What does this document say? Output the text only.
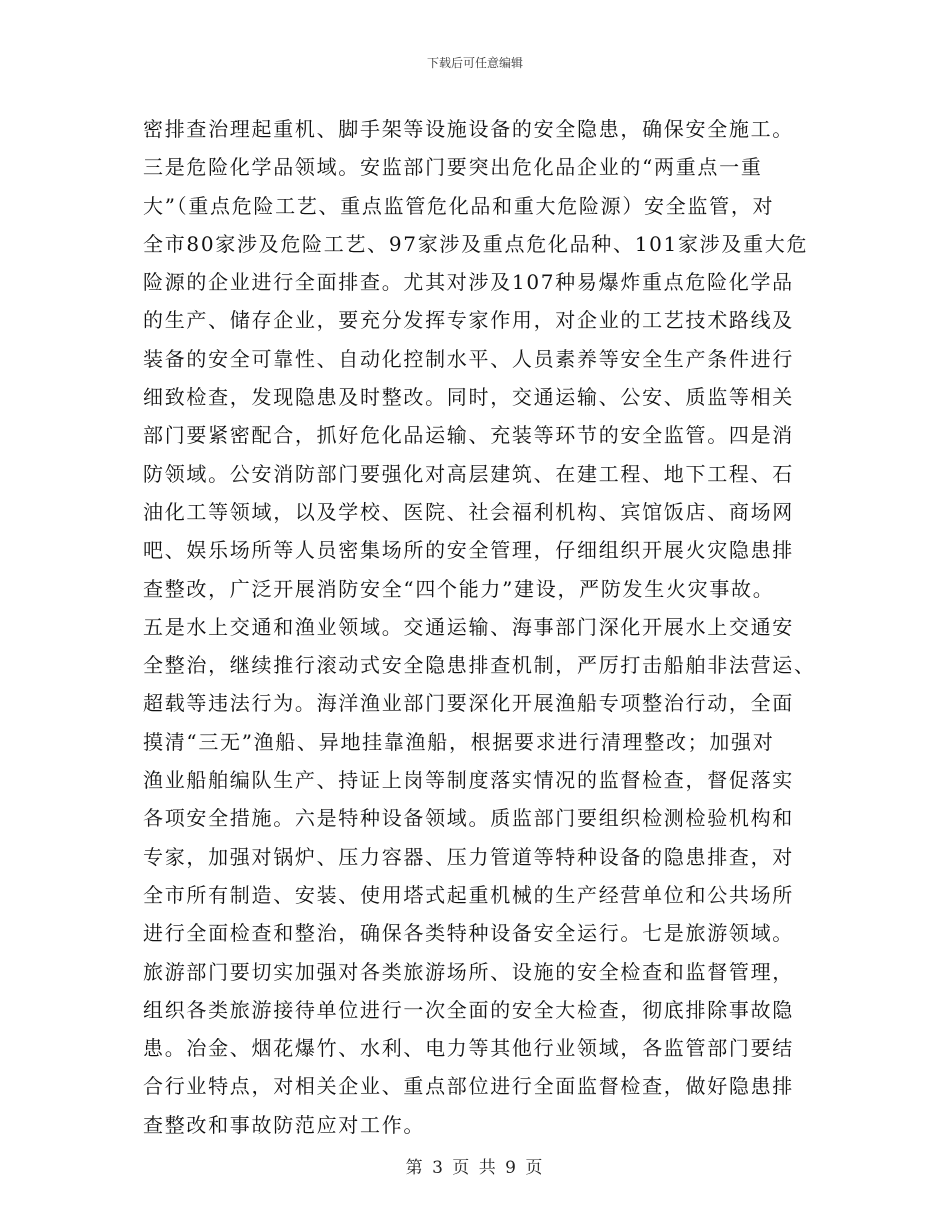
下载后可任意编辑
密排查治理起重机、脚手架等设施设备的安全隐患，确保安全施工。
三是危险化学品领域。安监部门要突出危化品企业的“两重点一重
大”（重点危险工艺、重点监管危化品和重大危险源）安全监管，对
全市80家涉及危险工艺、97家涉及重点危化品种、101家涉及重大危
险源的企业进行全面排查。尤其对涉及107种易爆炸重点危险化学品
的生产、储存企业，要充分发挥专家作用，对企业的工艺技术路线及
装备的安全可靠性、自动化控制水平、人员素养等安全生产条件进行
细致检查，发现隐患及时整改。同时，交通运输、公安、质监等相关
部门要紧密配合，抓好危化品运输、充装等环节的安全监管。四是消
防领域。公安消防部门要强化对高层建筑、在建工程、地下工程、石
油化工等领域，以及学校、医院、社会福利机构、宾馆饭店、商场网
吧、娱乐场所等人员密集场所的安全管理，仔细组织开展火灾隐患排
查整改，广泛开展消防安全“四个能力”建设，严防发生火灾事故。
五是水上交通和渔业领域。交通运输、海事部门深化开展水上交通安
全整治，继续推行滚动式安全隐患排查机制，严厉打击船舶非法营运、
超载等违法行为。海洋渔业部门要深化开展渔船专项整治行动，全面
摸清“三无”渔船、异地挂靠渔船，根据要求进行清理整改；加强对
渔业船舶编队生产、持证上岗等制度落实情况的监督检查，督促落实
各项安全措施。六是特种设备领域。质监部门要组织检测检验机构和
专家，加强对锅炉、压力容器、压力管道等特种设备的隐患排查，对
全市所有制造、安装、使用塔式起重机械的生产经营单位和公共场所
进行全面检查和整治，确保各类特种设备安全运行。七是旅游领域。
旅游部门要切实加强对各类旅游场所、设施的安全检查和监督管理，
组织各类旅游接待单位进行一次全面的安全大检查，彻底排除事故隐
患。冶金、烟花爆竹、水利、电力等其他行业领域，各监管部门要结
合行业特点，对相关企业、重点部位进行全面监督检查，做好隐患排
查整改和事故防范应对工作。
第 3 页 共 9 页
